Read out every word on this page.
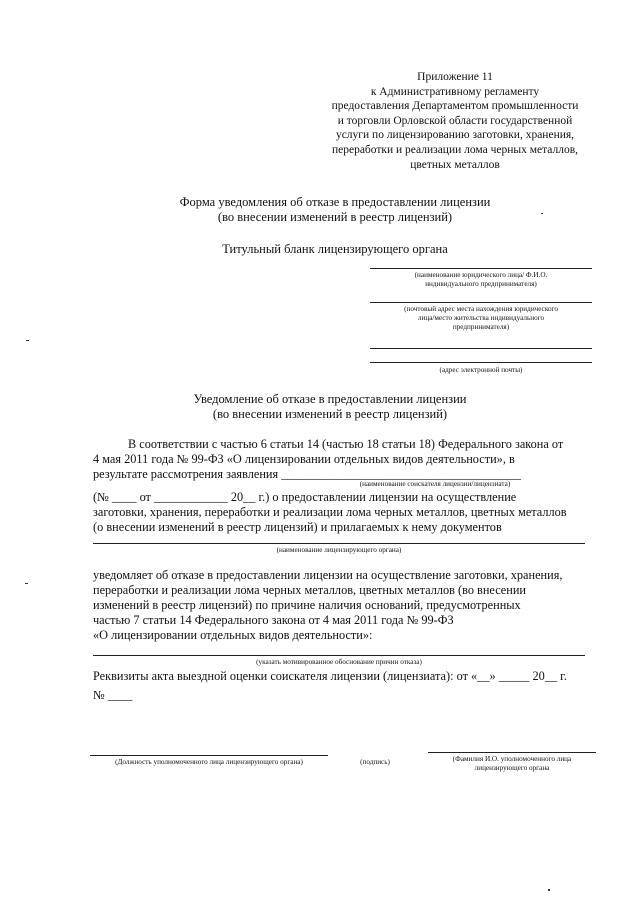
Приложение 11
к Административному регламенту
предоставления Департаментом промышленности
и торговли Орловской области государственной
услуги по лицензированию заготовки, хранения,
переработки и реализации лома черных металлов,
цветных металлов
Форма уведомления об отказе в предоставлении лицензии
(во внесении изменений в реестр лицензий)
Титульный бланк лицензирующего органа
(наименование юридического лица/ Ф.И.О.
индивидуального предпринимателя)
(почтовый адрес места нахождения юридического
лица/место жительства индивидуального
предпринимателя)
(адрес электронной почты)
Уведомление об отказе в предоставлении лицензии
(во внесении изменений в реестр лицензий)
В соответствии с частью 6 статьи 14 (частью 18 статьи 18) Федерального закона от
4 мая 2011 года № 99-ФЗ «О лицензировании отдельных видов деятельности», в
результате рассмотрения заявления _______________________________________
(наименование соискателя лицензии/лицензиата)
(№ ____ от ____________ 20__ г.) о предоставлении лицензии на осуществление
заготовки, хранения, переработки и реализации лома черных металлов, цветных металлов
(о внесении изменений в реестр лицензий) и прилагаемых к нему документов
(наименование лицензирующего органа)
уведомляет об отказе в предоставлении лицензии на осуществление заготовки, хранения,
переработки и реализации лома черных металлов, цветных металлов (во внесении
изменений в реестр лицензий) по причине наличия оснований, предусмотренных
частью 7 статьи 14 Федерального закона от 4 мая 2011 года № 99-ФЗ
«О лицензировании отдельных видов деятельности»:
(указать мотивированное обоснование причин отказа)
Реквизиты акта выездной оценки соискателя лицензии (лицензиата): от «__» _____ 20__ г.
№ ____
(Должность уполномоченного лица лицензирующего органа)	(подпись)	(Фамилия И.О. уполномоченного лица
лицензирующего органа
